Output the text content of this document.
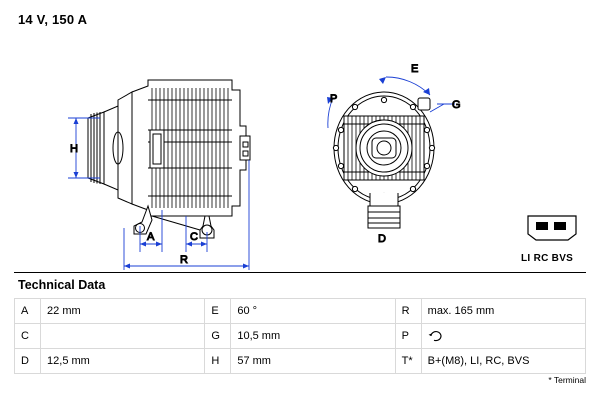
14 V, 150 A
H
A	C
R
E
P	G
D
LI RC BVS
Technical Data
A	22 mm	E	60 °	R	max. 165 mm
C		G	10,5 mm	P	

D	12,5 mm	H	57 mm	T*	B+(M8), LI, RC, BVS
* Terminal
